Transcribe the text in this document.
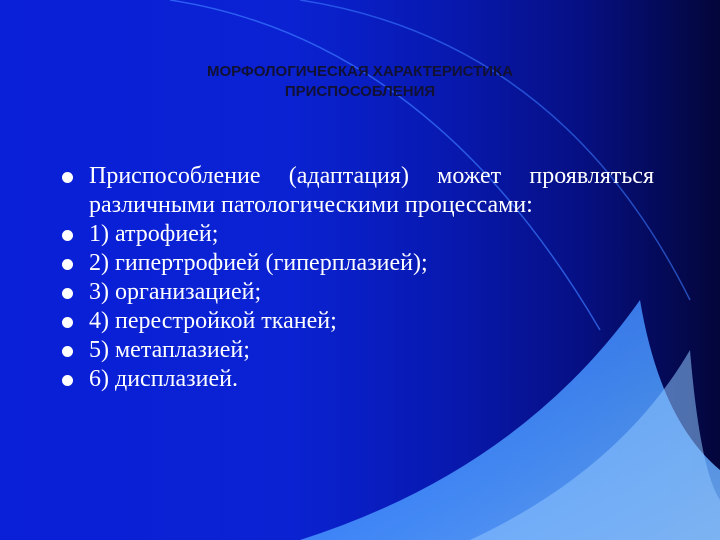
МОРФОЛОГИЧЕСКАЯ ХАРАКТЕРИСТИКА
ПРИСПОСОБЛЕНИЯ
Приспособление (адаптация) может проявляться различными патологическими процессами:
1) атрофией;
2) гипертрофией (гиперплазией);
3) организацией;
4) перестройкой тканей;
5) метаплазией;
6) дисплазией.
